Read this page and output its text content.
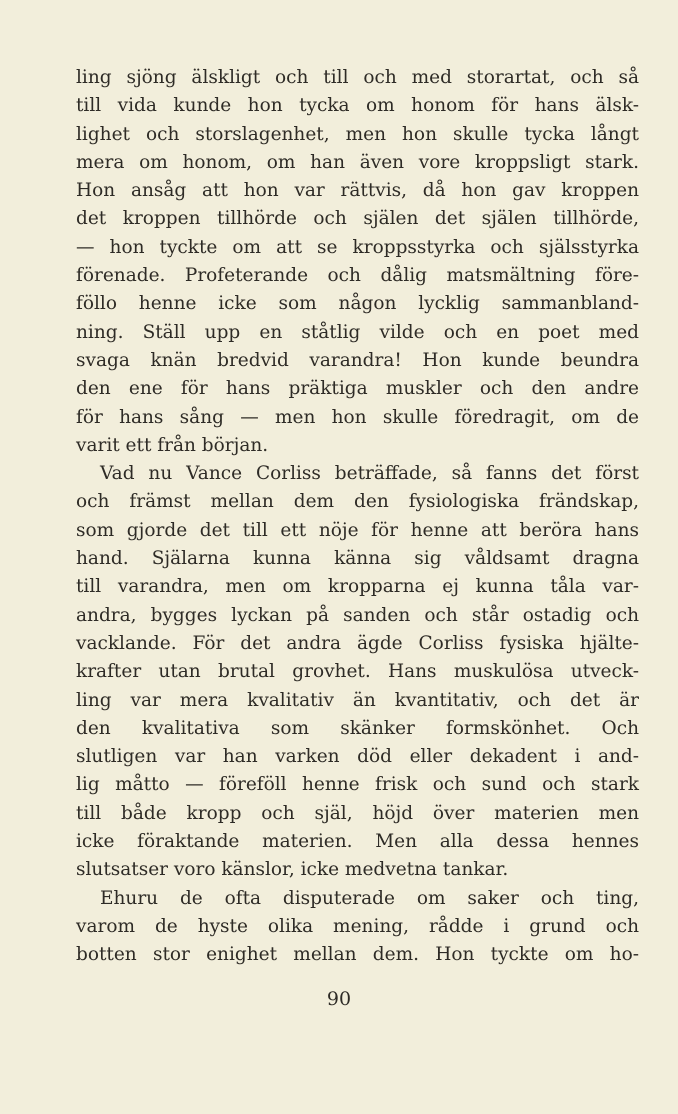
ling sjöng älskligt och till och med storartat, och så
till vida kunde hon tycka om honom för hans älsk-
lighet och storslagenhet, men hon skulle tycka långt
mera om honom, om han även vore kroppsligt stark.
Hon ansåg att hon var rättvis, då hon gav kroppen
det kroppen tillhörde och själen det själen tillhörde,
— hon tyckte om att se kroppsstyrka och själsstyrka
förenade. Profeterande och dålig matsmältning före-
föllo henne icke som någon lycklig sammanbland-
ning. Ställ upp en ståtlig vilde och en poet med
svaga knän bredvid varandra! Hon kunde beundra
den ene för hans präktiga muskler och den andre
för hans sång — men hon skulle föredragit, om de
varit ett från början.
Vad nu Vance Corliss beträffade, så fanns det först
och främst mellan dem den fysiologiska frändskap,
som gjorde det till ett nöje för henne att beröra hans
hand. Själarna kunna känna sig våldsamt dragna
till varandra, men om kropparna ej kunna tåla var-
andra, bygges lyckan på sanden och står ostadig och
vacklande. För det andra ägde Corliss fysiska hjälte-
krafter utan brutal grovhet. Hans muskulösa utveck-
ling var mera kvalitativ än kvantitativ, och det är
den kvalitativa som skänker formskönhet. Och
slutligen var han varken död eller dekadent i and-
lig måtto — föreföll henne frisk och sund och stark
till både kropp och själ, höjd över materien men
icke föraktande materien. Men alla dessa hennes
slutsatser voro känslor, icke medvetna tankar.
Ehuru de ofta disputerade om saker och ting,
varom de hyste olika mening, rådde i grund och
botten stor enighet mellan dem. Hon tyckte om ho-
90
